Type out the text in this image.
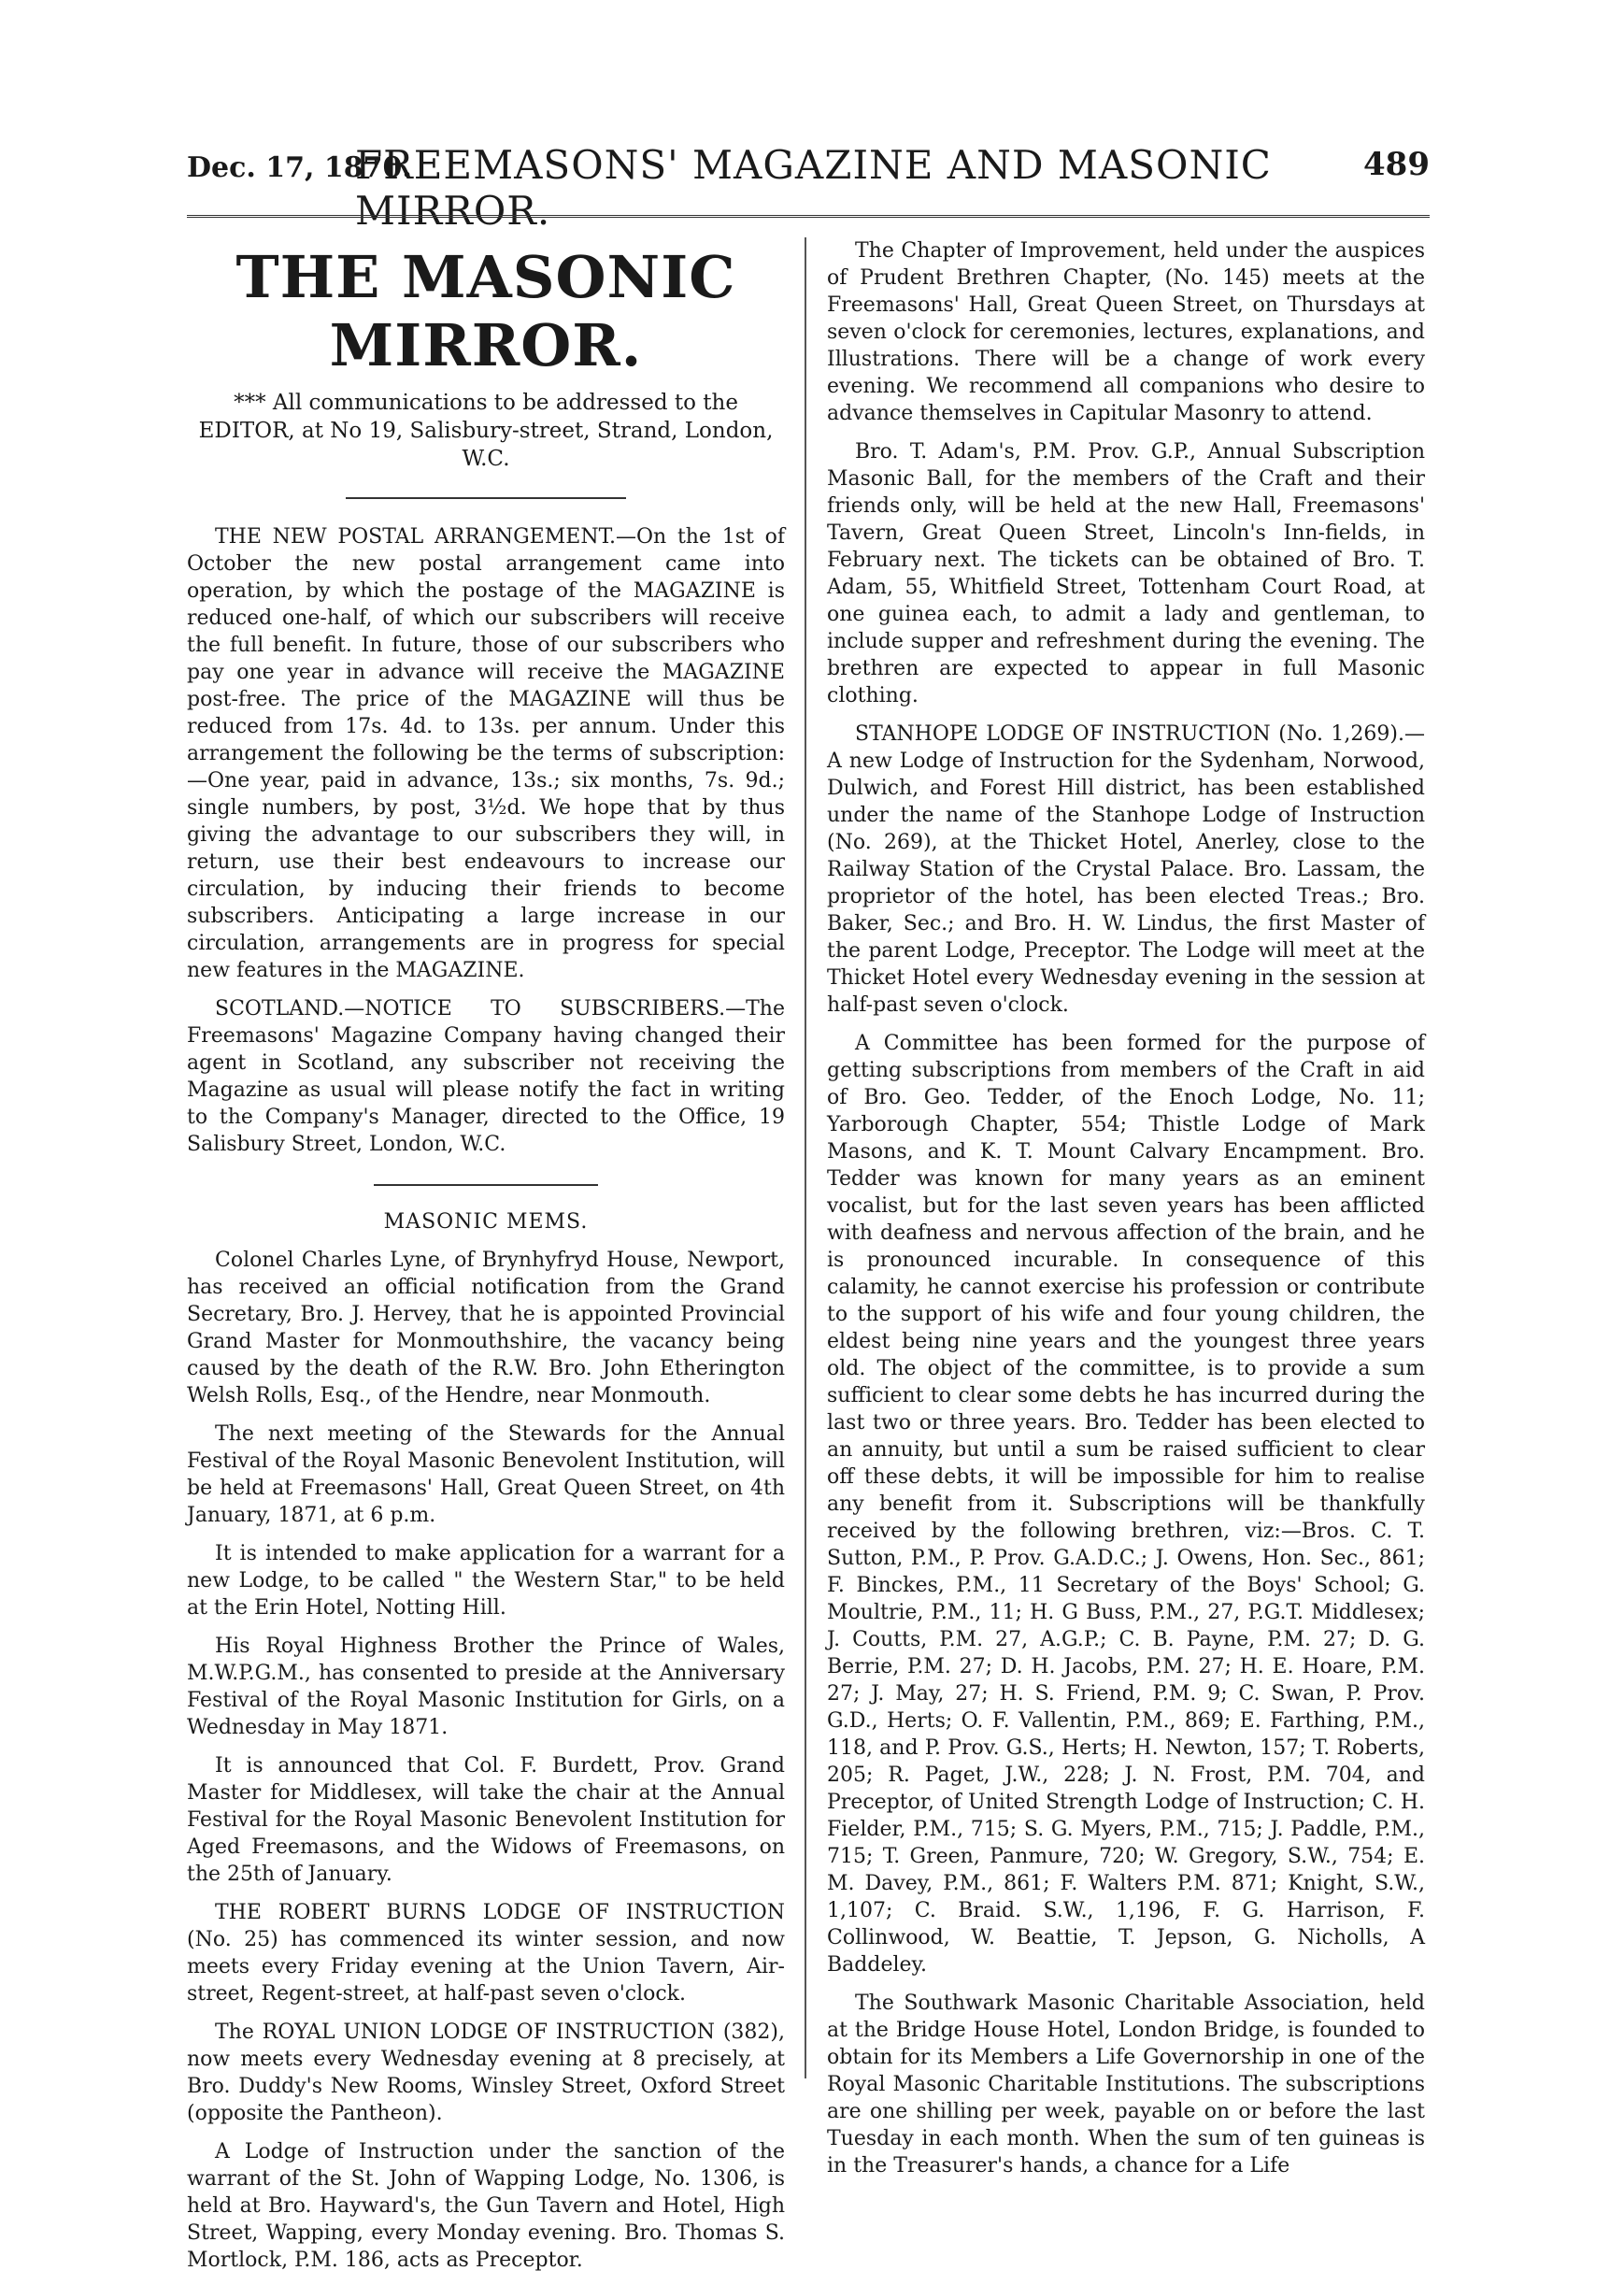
Dec. 17, 1870.
FREEMASONS' MAGAZINE AND MASONIC MIRROR.
489
THE MASONIC MIRROR.
*** All communications to be addressed to the EDITOR, at No 19, Salisbury-street, Strand, London, W.C.

THE NEW POSTAL ARRANGEMENT.—On the 1st of October the new postal arrangement came into operation, by which the postage of the MAGAZINE is reduced one-half, of which our subscribers will receive the full benefit. In future, those of our subscribers who pay one year in advance will receive the MAGAZINE post-free. The price of the MAGAZINE will thus be reduced from 17s. 4d. to 13s. per annum. Under this arrangement the following be the terms of subscription:—One year, paid in advance, 13s.; six months, 7s. 9d.; single numbers, by post, 3½d. We hope that by thus giving the advantage to our subscribers they will, in return, use their best endeavours to increase our circulation, by inducing their friends to become subscribers. Anticipating a large increase in our circulation, arrangements are in progress for special new features in the MAGAZINE.

SCOTLAND.—NOTICE TO SUBSCRIBERS.—The Freemasons' Magazine Company having changed their agent in Scotland, any subscriber not receiving the Magazine as usual will please notify the fact in writing to the Company's Manager, directed to the Office, 19 Salisbury Street, London, W.C.

MASONIC MEMS.

Colonel Charles Lyne, of Brynhyfryd House, Newport, has received an official notification from the Grand Secretary, Bro. J. Hervey, that he is appointed Provincial Grand Master for Monmouthshire, the vacancy being caused by the death of the R.W. Bro. John Etherington Welsh Rolls, Esq., of the Hendre, near Monmouth.

The next meeting of the Stewards for the Annual Festival of the Royal Masonic Benevolent Institution, will be held at Freemasons' Hall, Great Queen Street, on 4th January, 1871, at 6 p.m.

It is intended to make application for a warrant for a new Lodge, to be called " the Western Star," to be held at the Erin Hotel, Notting Hill.

His Royal Highness Brother the Prince of Wales, M.W.P.G.M., has consented to preside at the Anniversary Festival of the Royal Masonic Institution for Girls, on a Wednesday in May 1871.

It is announced that Col. F. Burdett, Prov. Grand Master for Middlesex, will take the chair at the Annual Festival for the Royal Masonic Benevolent Institution for Aged Freemasons, and the Widows of Freemasons, on the 25th of January.

THE ROBERT BURNS LODGE OF INSTRUCTION (No. 25) has commenced its winter session, and now meets every Friday evening at the Union Tavern, Air-street, Regent-street, at half-past seven o'clock.

The ROYAL UNION LODGE OF INSTRUCTION (382), now meets every Wednesday evening at 8 precisely, at Bro. Duddy's New Rooms, Winsley Street, Oxford Street (opposite the Pantheon).

A Lodge of Instruction under the sanction of the warrant of the St. John of Wapping Lodge, No. 1306, is held at Bro. Hayward's, the Gun Tavern and Hotel, High Street, Wapping, every Monday evening. Bro. Thomas S. Mortlock, P.M. 186, acts as Preceptor.

The Chapter of Improvement, held under the auspices of Prudent Brethren Chapter, (No. 145) meets at the Freemasons' Hall, Great Queen Street, on Thursdays at seven o'clock for ceremonies, lectures, explanations, and Illustrations. There will be a change of work every evening. We recommend all companions who desire to advance themselves in Capitular Masonry to attend.

Bro. T. Adam's, P.M. Prov. G.P., Annual Subscription Masonic Ball, for the members of the Craft and their friends only, will be held at the new Hall, Freemasons' Tavern, Great Queen Street, Lincoln's Inn-fields, in February next. The tickets can be obtained of Bro. T. Adam, 55, Whitfield Street, Tottenham Court Road, at one guinea each, to admit a lady and gentleman, to include supper and refreshment during the evening. The brethren are expected to appear in full Masonic clothing.

STANHOPE LODGE OF INSTRUCTION (No. 1,269).—A new Lodge of Instruction for the Sydenham, Norwood, Dulwich, and Forest Hill district, has been established under the name of the Stanhope Lodge of Instruction (No. 269), at the Thicket Hotel, Anerley, close to the Railway Station of the Crystal Palace. Bro. Lassam, the proprietor of the hotel, has been elected Treas.; Bro. Baker, Sec.; and Bro. H. W. Lindus, the first Master of the parent Lodge, Preceptor. The Lodge will meet at the Thicket Hotel every Wednesday evening in the session at half-past seven o'clock.

A Committee has been formed for the purpose of getting subscriptions from members of the Craft in aid of Bro. Geo. Tedder, of the Enoch Lodge, No. 11; Yarborough Chapter, 554; Thistle Lodge of Mark Masons, and K. T. Mount Calvary Encampment. Bro. Tedder was known for many years as an eminent vocalist, but for the last seven years has been afflicted with deafness and nervous affection of the brain, and he is pronounced incurable. In consequence of this calamity, he cannot exercise his profession or contribute to the support of his wife and four young children, the eldest being nine years and the youngest three years old. The object of the committee, is to provide a sum sufficient to clear some debts he has incurred during the last two or three years. Bro. Tedder has been elected to an annuity, but until a sum be raised sufficient to clear off these debts, it will be impossible for him to realise any benefit from it. Subscriptions will be thankfully received by the following brethren, viz:—Bros. C. T. Sutton, P.M., P. Prov. G.A.D.C.; J. Owens, Hon. Sec., 861; F. Binckes, P.M., 11 Secretary of the Boys' School; G. Moultrie, P.M., 11; H. G Buss, P.M., 27, P.G.T. Middlesex; J. Coutts, P.M. 27, A.G.P.; C. B. Payne, P.M. 27; D. G. Berrie, P.M. 27; D. H. Jacobs, P.M. 27; H. E. Hoare, P.M. 27; J. May, 27; H. S. Friend, P.M. 9; C. Swan, P. Prov. G.D., Herts; O. F. Vallentin, P.M., 869; E. Farthing, P.M., 118, and P. Prov. G.S., Herts; H. Newton, 157; T. Roberts, 205; R. Paget, J.W., 228; J. N. Frost, P.M. 704, and Preceptor, of United Strength Lodge of Instruction; C. H. Fielder, P.M., 715; S. G. Myers, P.M., 715; J. Paddle, P.M., 715; T. Green, Panmure, 720; W. Gregory, S.W., 754; E. M. Davey, P.M., 861; F. Walters P.M. 871; Knight, S.W., 1,107; C. Braid. S.W., 1,196, F. G. Harrison, F. Collinwood, W. Beattie, T. Jepson, G. Nicholls, A Baddeley.

The Southwark Masonic Charitable Association, held at the Bridge House Hotel, London Bridge, is founded to obtain for its Members a Life Governorship in one of the Royal Masonic Charitable Institutions. The subscriptions are one shilling per week, payable on or before the last Tuesday in each month. When the sum of ten guineas is in the Treasurer's hands, a chance for a Life
